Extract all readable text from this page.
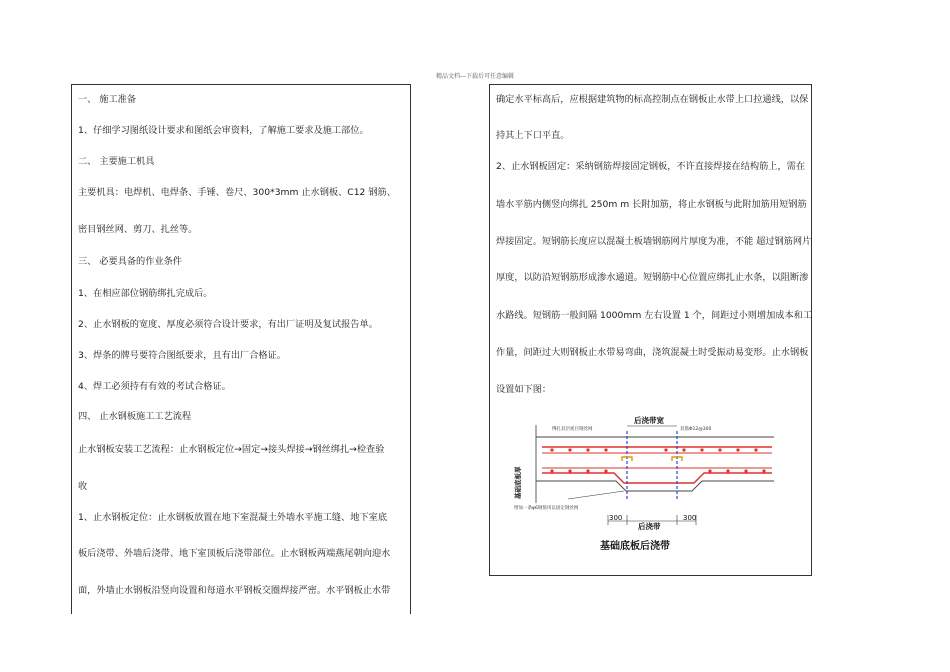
精品文档---下载后可任意编辑
一、 施工准备
1、仔细学习图纸设计要求和图纸会审资料，了解施工要求及施工部位。
二、 主要施工机具
主要机具：电焊机、电焊条、手锤、卷尺、300*3mm 止水钢板、C12 钢筋、
密目钢丝网、剪刀、扎丝等。
三、 必要具备的作业条件
1、在相应部位钢筋绑扎完成后。
2、止水钢板的宽度、厚度必须符合设计要求，有出厂证明及复试报告单。
3、焊条的牌号要符合图纸要求，且有出厂合格证。
4、焊工必须持有有效的考试合格证。
四、 止水钢板施工工艺流程
止水钢板安装工艺流程：止水钢板定位→固定→接头焊接→钢丝绑扎→检查验
收
1、止水钢板定位：止水钢板放置在地下室混凝土外墙水平施工缝、地下室底
板后浇带、外墙后浇带、地下室顶板后浇带部位。止水钢板两端燕尾朝向迎水
面，外墙止水钢板沿竖向设置和每道水平钢板交圈焊接严密。水平钢板止水带
确定水平标高后，应根据建筑物的标高控制点在钢板止水带上口拉通线，以保
持其上下口平直。
2、止水钢板固定：采纳钢筋焊接固定钢板，不许直接焊接在结构筋上，需在
墙水平筋内侧竖向绑扎 250m m 长附加筋，将止水钢板与此附加筋用短钢筋
焊接固定。短钢筋长度应以混凝土板墙钢筋网片厚度为准，不能 超过钢筋网片
厚度，以防沿短钢筋形成渗水通道。短钢筋中心位置应绑扎止水条，以阻断渗
水路线。短钢筋一般间隔 1000mm 左右设置 1 个，间距过小则增加成本和工
作量，间距过大则钢板止水带易弯曲，浇筑混凝土时受振动易变形。止水钢板
设置如下图：
后浇带宽
绑扎双层密目钢丝网	双筋Φ12@300
基础底板厚
增加一条φ6钢筋用以固定钢丝网
300
后浇带
300
基础底板后浇带
